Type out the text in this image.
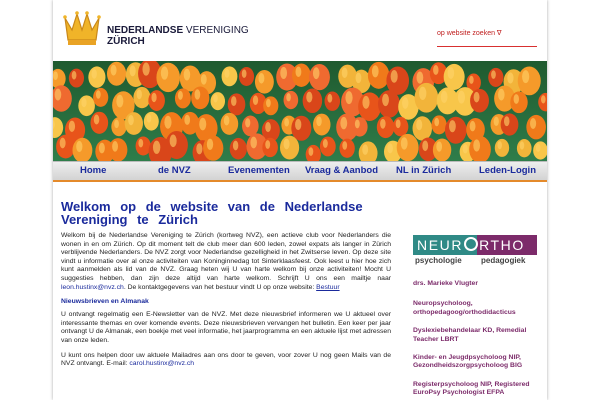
NEDERLANDSE VERENIGING
ZÜRICH
op website zoeken ∇
Home	de NVZ	Evenementen Vraag & Aanbod NL in Zürich	Leden-Login
Welkom op de website van de Nederlandse Vereniging te Zürich

Welkom bij de Nederlandse Vereniging te Zürich (kortweg NVZ), een actieve club voor Nederlanders die wonen in en om Zürich. Op dit moment telt de club meer dan 600 leden, zowel expats als langer in Zürich verblijvende Nederlanders. De NVZ zorgt voor Nederlandse gezelligheid in het Zwitserse leven. Op deze site vindt u informatie over al onze activiteiten van Koninginnedag tot Sinterklaasfeest. Ook leest u hier hoe zich kunt aanmelden als lid van de NVZ. Graag heten wij U van harte welkom bij onze activiteiten! Mocht U suggesties hebben, dan zijn deze altijd van harte welkom. Schrijft U ons een mailtje naar leon.hustinx@nvz.ch. De kontaktgegevens van het bestuur vindt U op onze website: Bestuur

Nieuwsbrieven en Almanak

U ontvangt regelmatig een E-Newsletter van de NVZ. Met deze nieuwsbrief informeren we U aktueel over interessante themas en over komende events. Deze nieuwsbrieven vervangen het bulletin. Een keer per jaar ontvangt U de Almanak, een boekje met veel informatie, het jaarprogramma en een aktuele lijst met adressen van onze leden.

U kunt ons helpen door uw aktuele Mailadres aan ons door te geven, voor zover U nog geen Mails van de NVZ ontvangt. E-mail: carol.hustinx@nvz.ch

NEUR RTHO
psychologie pedagogiek
drs. Marieke Vlugter
Neuropsycholoog, orthopedagoog/orthodidacticus
Dyslexiebehandelaar KD, Remedial Teacher LBRT
Kinder- en Jeugdpsycholoog NIP, Gezondheidszorgpsycholoog BIG
Registerpsycholoog NIP, Registered EuroPsy Psychologist EFPA
